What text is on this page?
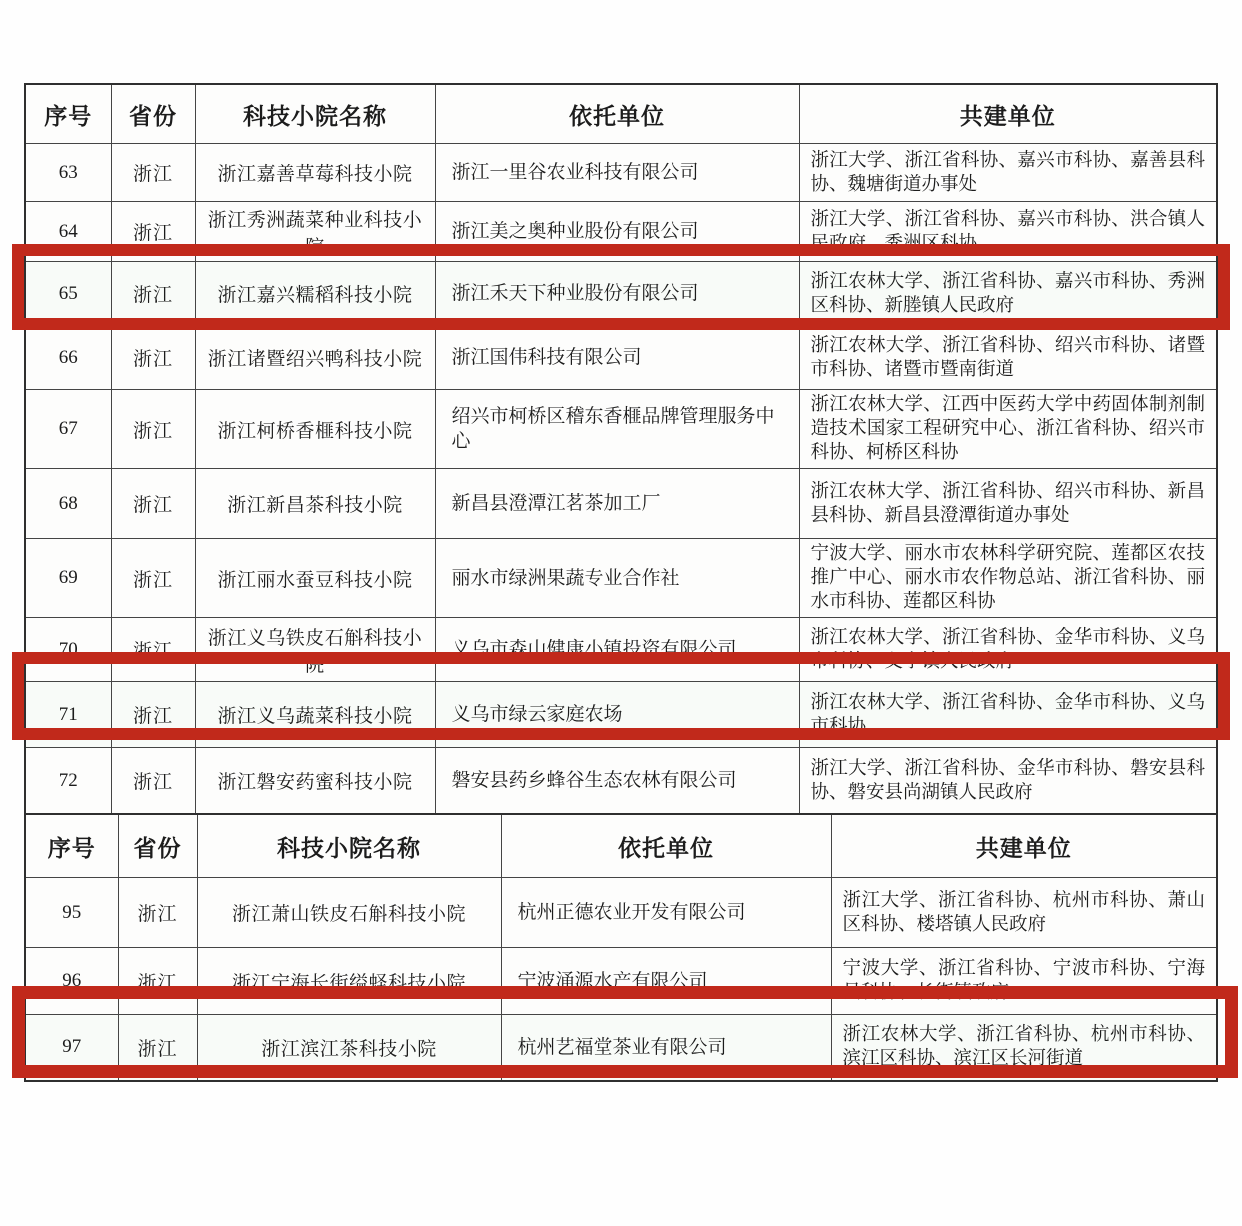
序号	省份	科技小院名称	依托单位	共建单位
63	浙江	浙江嘉善草莓科技小院	浙江一里谷农业科技有限公司	浙江大学、浙江省科协、嘉兴市科协、嘉善县科协、魏塘街道办事处
64	浙江	浙江秀洲蔬菜种业科技小院	浙江美之奥种业股份有限公司	浙江大学、浙江省科协、嘉兴市科协、洪合镇人民政府、秀洲区科协
65	浙江	浙江嘉兴糯稻科技小院	浙江禾天下种业股份有限公司	浙江农林大学、浙江省科协、嘉兴市科协、秀洲区科协、新塍镇人民政府
66	浙江	浙江诸暨绍兴鸭科技小院	浙江国伟科技有限公司	浙江农林大学、浙江省科协、绍兴市科协、诸暨市科协、诸暨市暨南街道
67	浙江	浙江柯桥香榧科技小院	绍兴市柯桥区稽东香榧品牌管理服务中心	浙江农林大学、江西中医药大学中药固体制剂制造技术国家工程研究中心、浙江省科协、绍兴市科协、柯桥区科协
68	浙江	浙江新昌茶科技小院	新昌县澄潭江茗茶加工厂	浙江农林大学、浙江省科协、绍兴市科协、新昌县科协、新昌县澄潭街道办事处
69	浙江	浙江丽水蚕豆科技小院	丽水市绿洲果蔬专业合作社	宁波大学、丽水市农林科学研究院、莲都区农技推广中心、丽水市农作物总站、浙江省科协、丽水市科协、莲都区科协
70	浙江	浙江义乌铁皮石斛科技小院	义乌市森山健康小镇投资有限公司	浙江农林大学、浙江省科协、金华市科协、义乌市科协、义亭镇人民政府
71	浙江	浙江义乌蔬菜科技小院	义乌市绿云家庭农场	浙江农林大学、浙江省科协、金华市科协、义乌市科协
72	浙江	浙江磐安药蜜科技小院	磐安县药乡蜂谷生态农林有限公司	浙江大学、浙江省科协、金华市科协、磐安县科协、磐安县尚湖镇人民政府

序号	省份	科技小院名称	依托单位	共建单位
95	浙江	浙江萧山铁皮石斛科技小院	杭州正德农业开发有限公司	浙江大学、浙江省科协、杭州市科协、萧山区科协、楼塔镇人民政府
96	浙江	浙江宁海长街缢蛏科技小院	宁波涌源水产有限公司	宁波大学、浙江省科协、宁波市科协、宁海县科协、长街镇政府
97	浙江	浙江滨江茶科技小院	杭州艺福堂茶业有限公司	浙江农林大学、浙江省科协、杭州市科协、滨江区科协、滨江区长河街道
